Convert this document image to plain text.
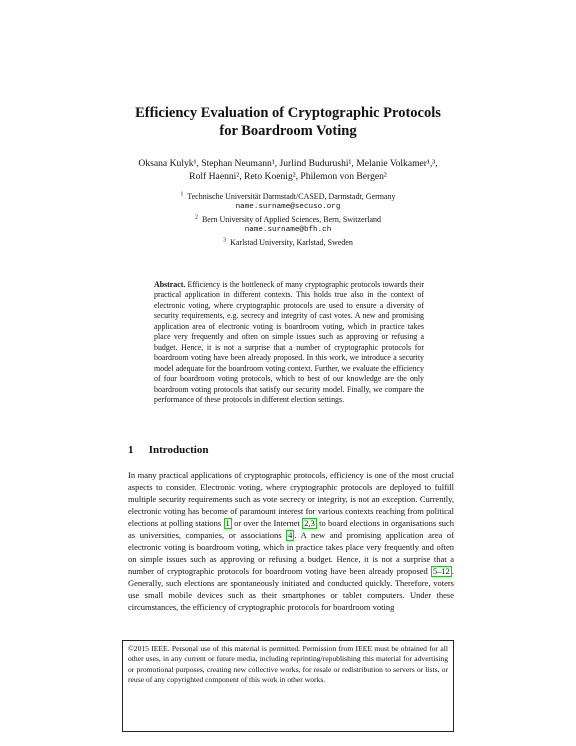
Efficiency Evaluation of Cryptographic Protocols
for Boardroom Voting
Oksana Kulyk¹, Stephan Neumann¹, Jurlind Budurushi¹, Melanie Volkamer¹,³,
Rolf Haenni², Reto Koenig², Philemon von Bergen²
$^1$ Technische Universität Darmstadt/CASED, Darmstadt, Germany
name.surname@secuso.org
$^2$ Bern University of Applied Sciences, Bern, Switzerland
name.surname@bfh.ch
$^3$ Karlstad University, Karlstad, Sweden
Abstract. Efficiency is the bottleneck of many cryptographic protocols towards their practical application in different contexts. This holds true also in the context of electronic voting, where cryptographic protocols are used to ensure a diversity of security requirements, e.g. secrecy and integrity of cast votes. A new and promising application area of electronic voting is boardroom voting, which in practice takes place very frequently and often on simple issues such as approving or refusing a budget. Hence, it is not a surprise that a number of cryptographic protocols for boardroom voting have been already proposed. In this work, we introduce a security model adequate for the boardroom voting context. Further, we evaluate the efficiency of four boardroom voting protocols, which to best of our knowledge are the only boardroom voting protocols that satisfy our security model. Finally, we compare the performance of these protocols in different election settings.
1 Introduction
In many practical applications of cryptographic protocols, efficiency is one of the most crucial aspects to consider. Electronic voting, where cryptographic protocols are deployed to fulfill multiple security requirements such as vote secrecy or integrity, is not an exception. Currently, electronic voting has become of paramount interest for various contexts reaching from political elections at polling stations 1 or over the Internet 2,3 to board elections in organisations such as universities, companies, or associations 4 . A new and promising application area of electronic voting is boardroom voting, which in practice takes place very frequently and often on simple issues such as approving or refusing a budget. Hence, it is not a surprise that a number of cryptographic protocols for boardroom voting have been already proposed 5–12 . Generally, such elections are spontaneously initiated and conducted quickly. Therefore, voters use small mobile devices such as their smartphones or tablet computers. Under these circumstances, the efficiency of cryptographic protocols for boardroom voting
©2015 IEEE. Personal use of this material is permitted. Permission from IEEE must be obtained for all other uses, in any current or future media, including reprinting/republishing this material for advertising or promotional purposes, creating new collective works, for resale or redistribution to servers or lists, or reuse of any copyrighted component of this work in other works.
